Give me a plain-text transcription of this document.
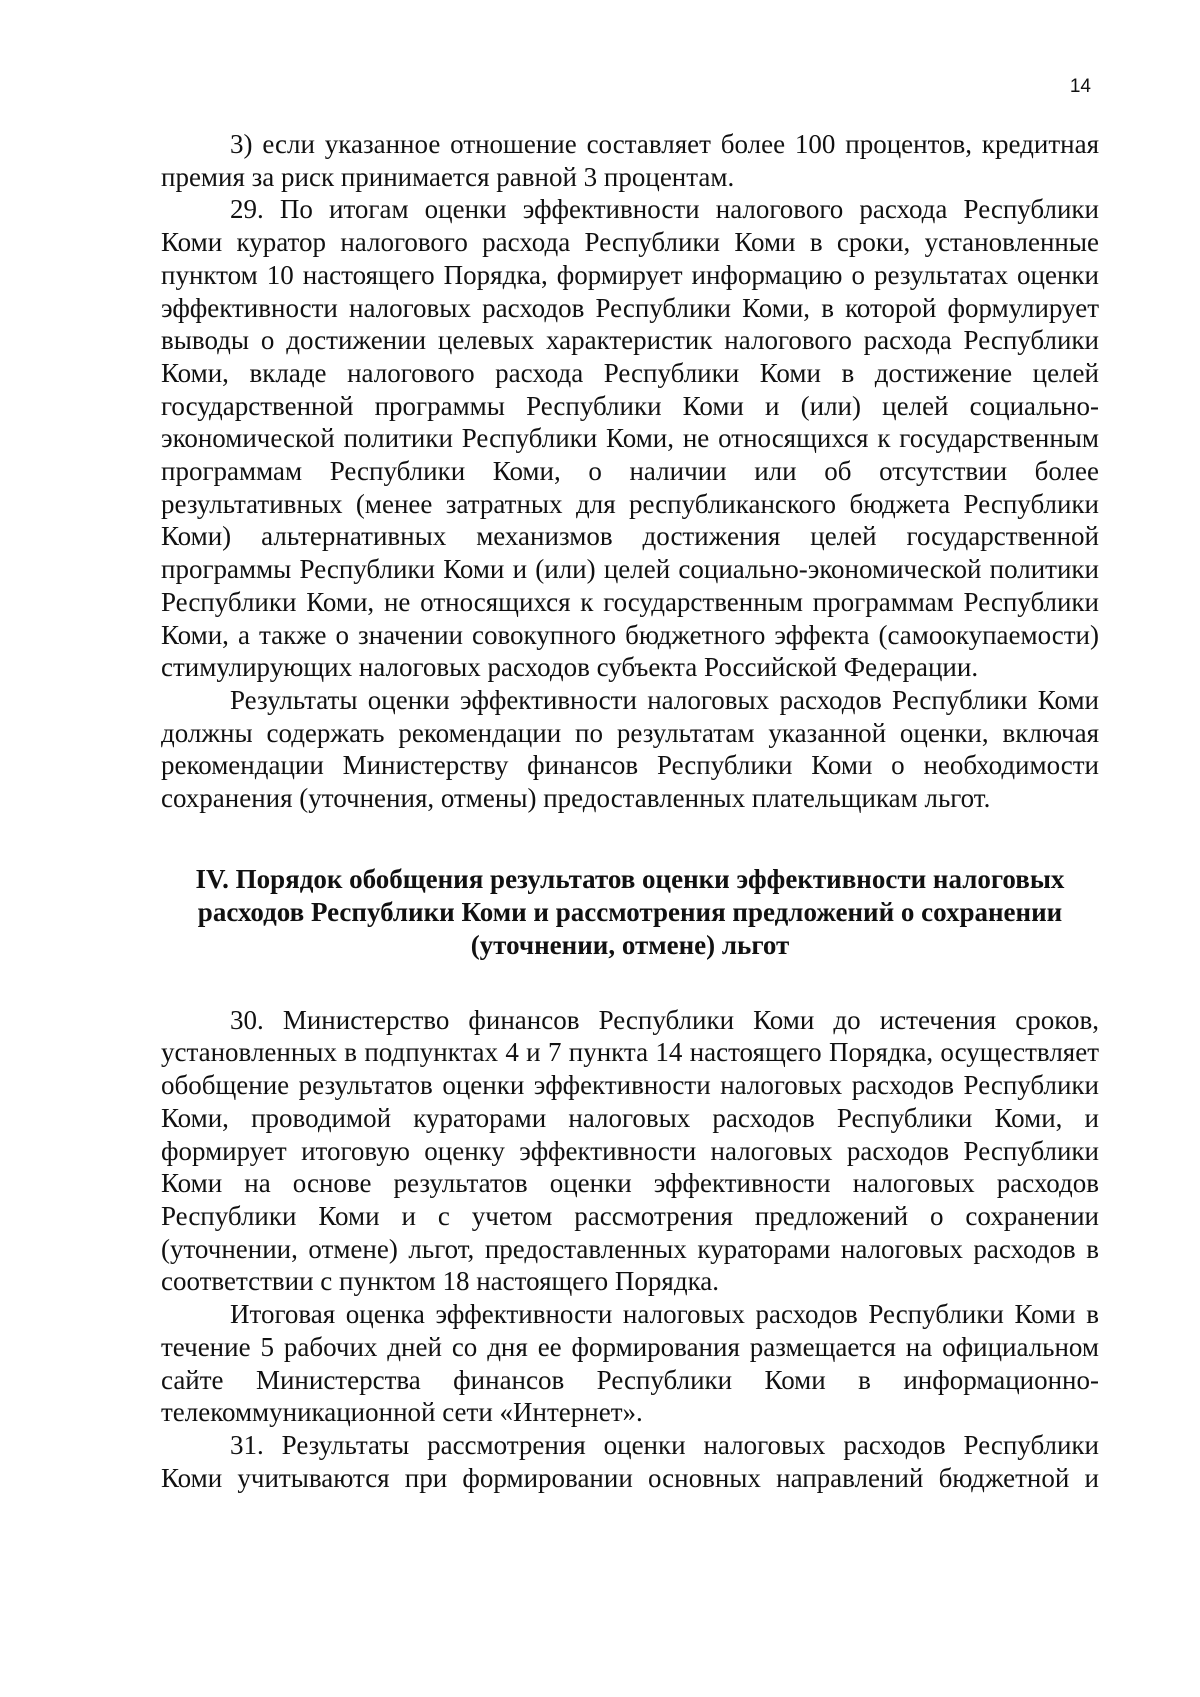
14

3) если указанное отношение составляет более 100 процентов, кредитная премия за риск принимается равной 3 процентам.

29. По итогам оценки эффективности налогового расхода Республики Коми куратор налогового расхода Республики Коми в сроки, установленные пунктом 10 настоящего Порядка, формирует информацию о результатах оценки эффективности налоговых расходов Республики Коми, в которой формулирует выводы о достижении целевых характеристик налогового расхода Республики Коми, вкладе налогового расхода Республики Коми в достижение целей государственной программы Республики Коми и (или) целей социально-экономической политики Республики Коми, не относящихся к государственным программам Республики Коми, о наличии или об отсутствии более результативных (менее затратных для республиканского бюджета Республики Коми) альтернативных механизмов достижения целей государственной программы Республики Коми и (или) целей социально-экономической политики Республики Коми, не относящихся к государственным программам Республики Коми, а также о значении совокупного бюджетного эффекта (самоокупаемости) стимулирующих налоговых расходов субъекта Российской Федерации.

Результаты оценки эффективности налоговых расходов Республики Коми должны содержать рекомендации по результатам указанной оценки, включая рекомендации Министерству финансов Республики Коми о необходимости сохранения (уточнения, отмены) предоставленных плательщикам льгот.

IV. Порядок обобщения результатов оценки эффективности налоговых
расходов Республики Коми и рассмотрения предложений о сохранении
(уточнении, отмене) льгот

30. Министерство финансов Республики Коми до истечения сроков, установленных в подпунктах 4 и 7 пункта 14 настоящего Порядка, осуществляет обобщение результатов оценки эффективности налоговых расходов Республики Коми, проводимой кураторами налоговых расходов Республики Коми, и формирует итоговую оценку эффективности налоговых расходов Республики Коми на основе результатов оценки эффективности налоговых расходов Республики Коми и с учетом рассмотрения предложений о сохранении (уточнении, отмене) льгот, предоставленных кураторами налоговых расходов в соответствии с пунктом 18 настоящего Порядка.

Итоговая оценка эффективности налоговых расходов Республики Коми в течение 5 рабочих дней со дня ее формирования размещается на официальном сайте Министерства финансов Республики Коми в информационно-телекоммуникационной сети «Интернет».

31. Результаты рассмотрения оценки налоговых расходов Республики Коми учитываются при формировании основных направлений бюджетной и
